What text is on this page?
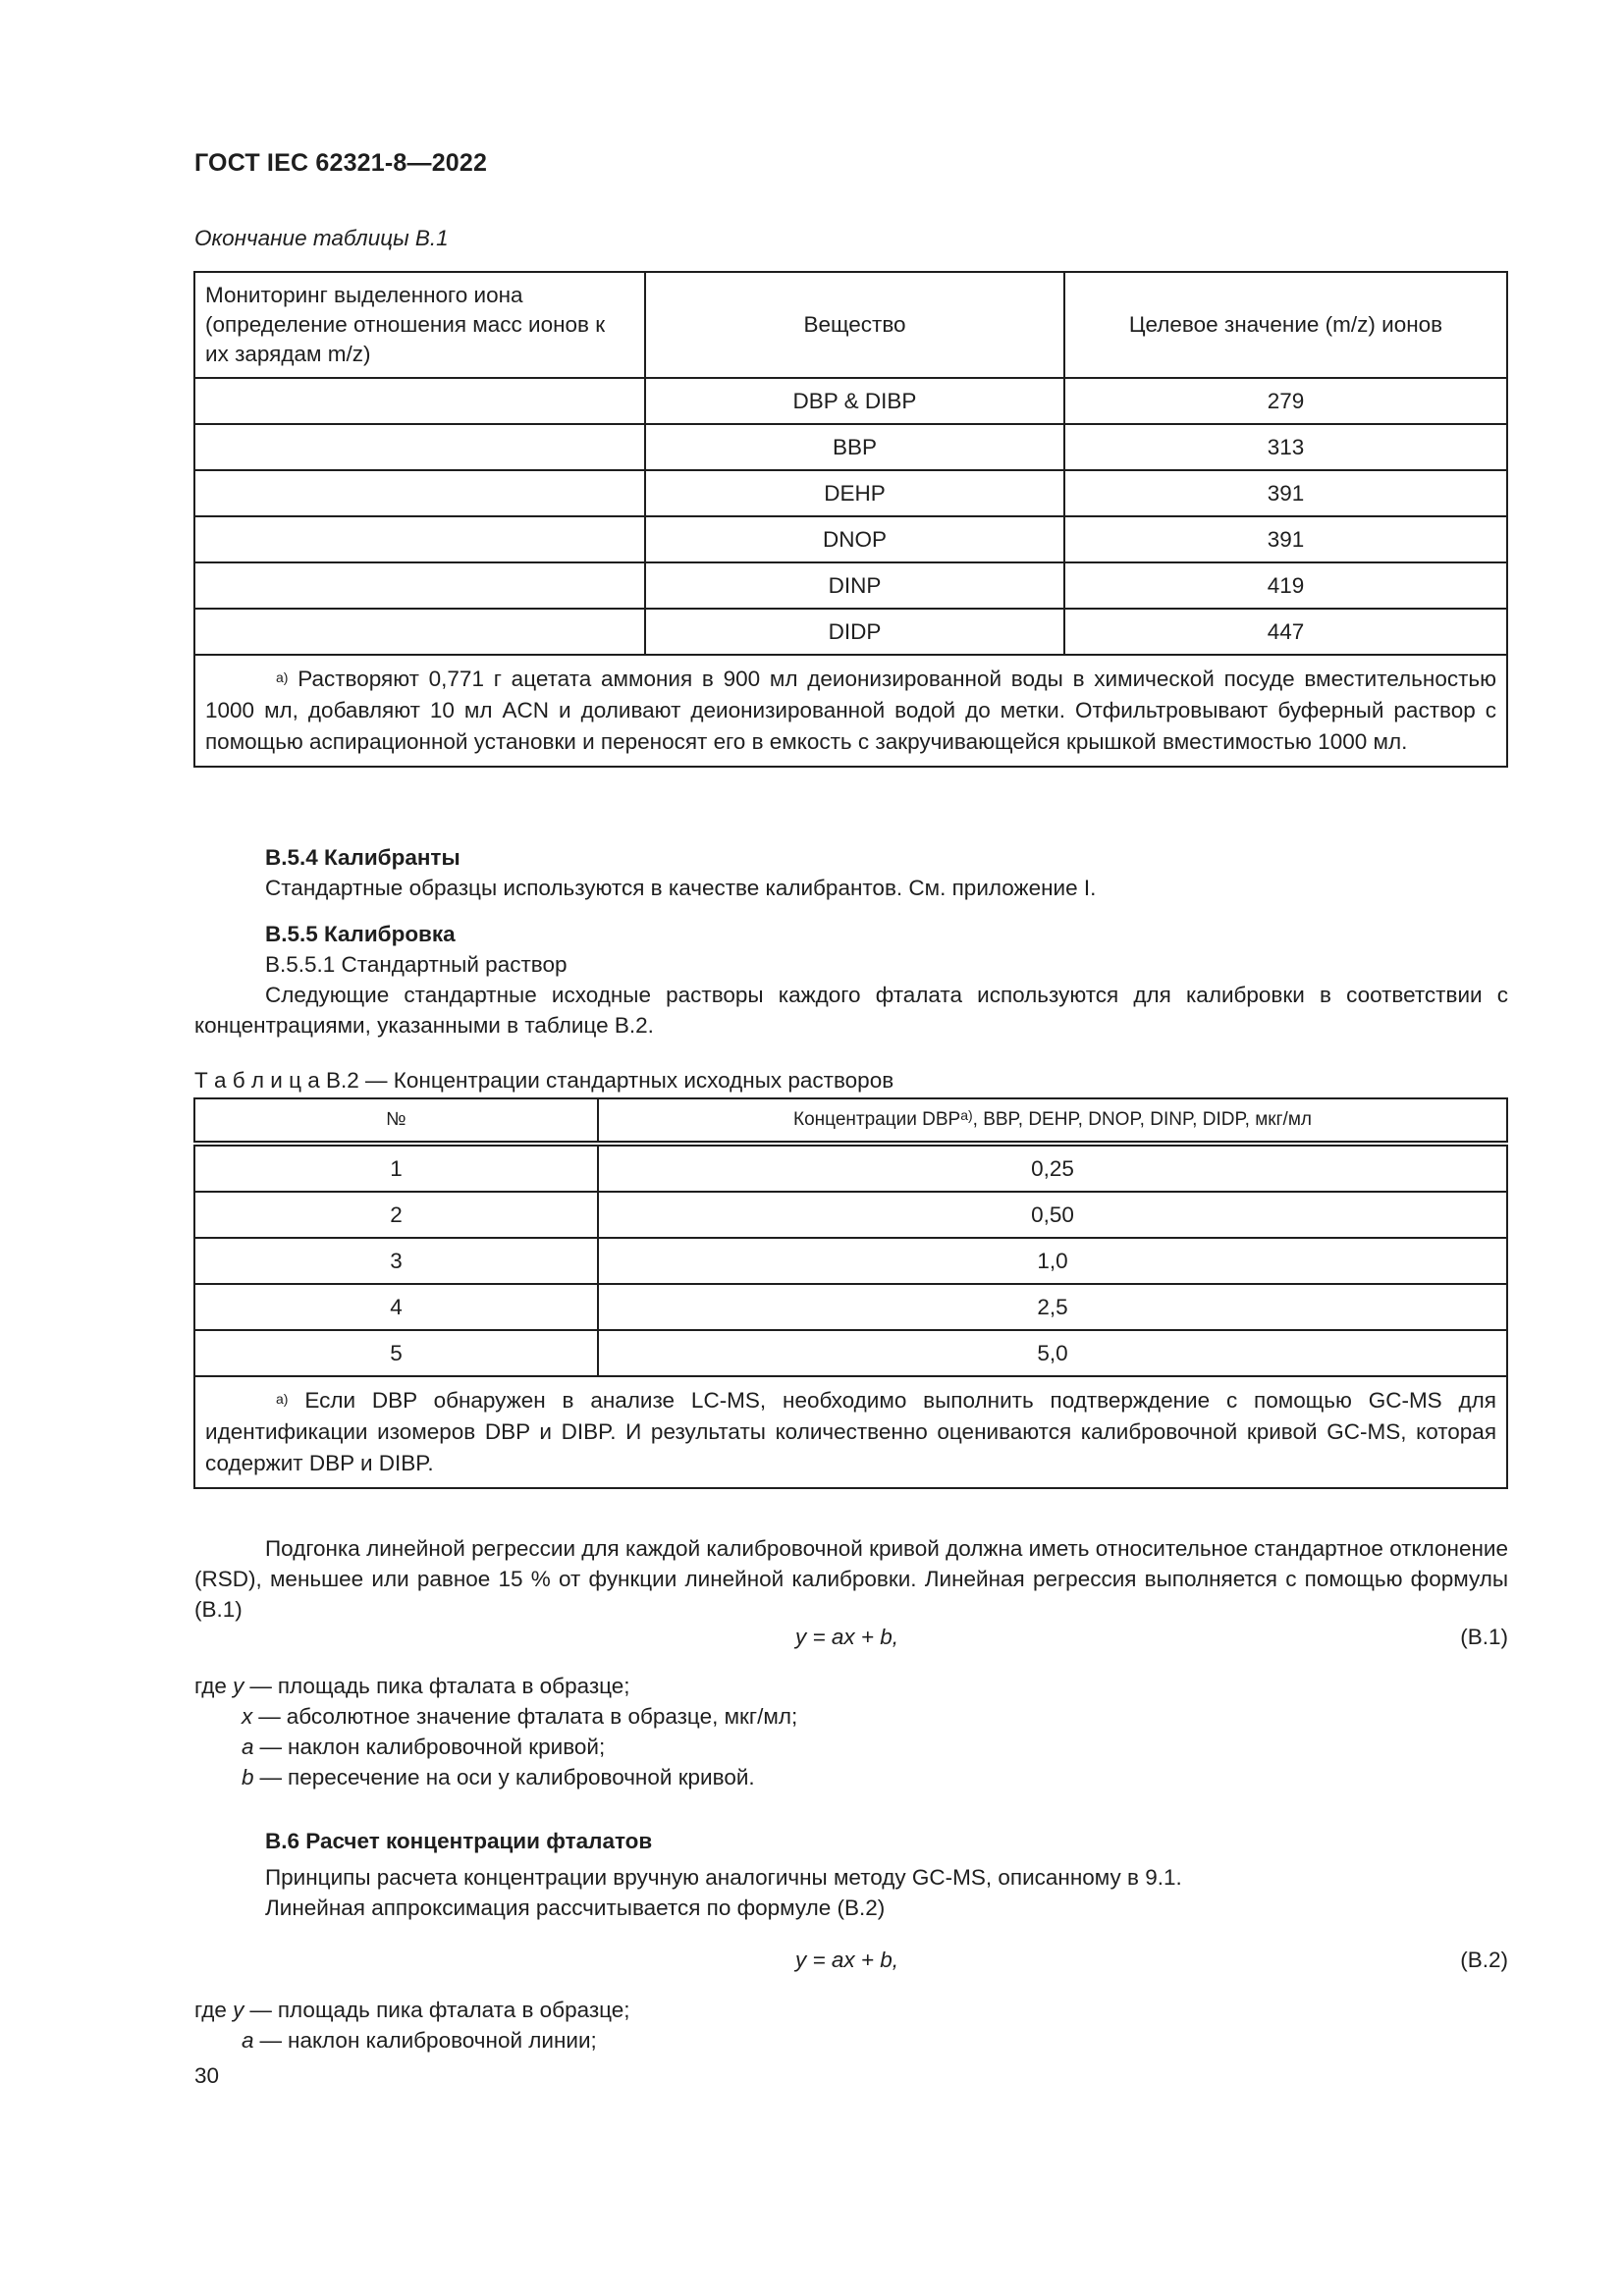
ГОСТ IEC 62321-8—2022
Окончание таблицы В.1
Мониторинг выделенного иона (определение отношения масс ионов к их зарядам m/z)	Вещество	Целевое значение (m/z) ионов
	DBP & DIBP	279
	BBP	313
	DEHP	391
	DNOP	391
	DINP	419
	DIDP	447
$^{а)}$ Растворяют 0,771 г ацетата аммония в 900 мл деионизированной воды в химической посуде вместительностью 1000 мл, добавляют 10 мл ACN и доливают деионизированной водой до метки. Отфильтровывают буферный раствор с помощью аспирационной установки и переносят его в емкость с закручивающейся крышкой вместимостью 1000 мл.		
В.5.4 Калибранты
Стандартные образцы используются в качестве калибрантов. См. приложение I.
В.5.5 Калибровка
В.5.5.1 Стандартный раствор
Следующие стандартные исходные растворы каждого фталата используются для калибровки в соответствии с концентрациями, указанными в таблице В.2.
Т а б л и ц а В.2 — Концентрации стандартных исходных растворов
№	Концентрации $DBP^{а)}$, BBP, DEHP, DNOP, DINP, DIDP, мкг/мл
1	0,25
2	0,50
3	1,0
4	2,5
5	5,0
$^{а)}$ Если DBP обнаружен в анализе LC-MS, необходимо выполнить подтверждение с помощью GC-MS для идентификации изомеров DBP и DIBP. И результаты количественно оцениваются калибровочной кривой GC-MS, которая содержит DBP и DIBP.	
Подгонка линейной регрессии для каждой калибровочной кривой должна иметь относительное стандартное отклонение (RSD), меньшее или равное 15 % от функции линейной калибровки. Линейная регрессия выполняется с помощью формулы (В.1)
y = ax + b,	(В.1)
где y — площадь пика фталата в образце;
x — абсолютное значение фталата в образце, мкг/мл;
a — наклон калибровочной кривой;
b — пересечение на оси y калибровочной кривой.
В.6 Расчет концентрации фталатов
Принципы расчета концентрации вручную аналогичны методу GC-MS, описанному в 9.1.
Линейная аппроксимация рассчитывается по формуле (В.2)
y = ax + b,	(В.2)
где y — площадь пика фталата в образце;
a — наклон калибровочной линии;
30
